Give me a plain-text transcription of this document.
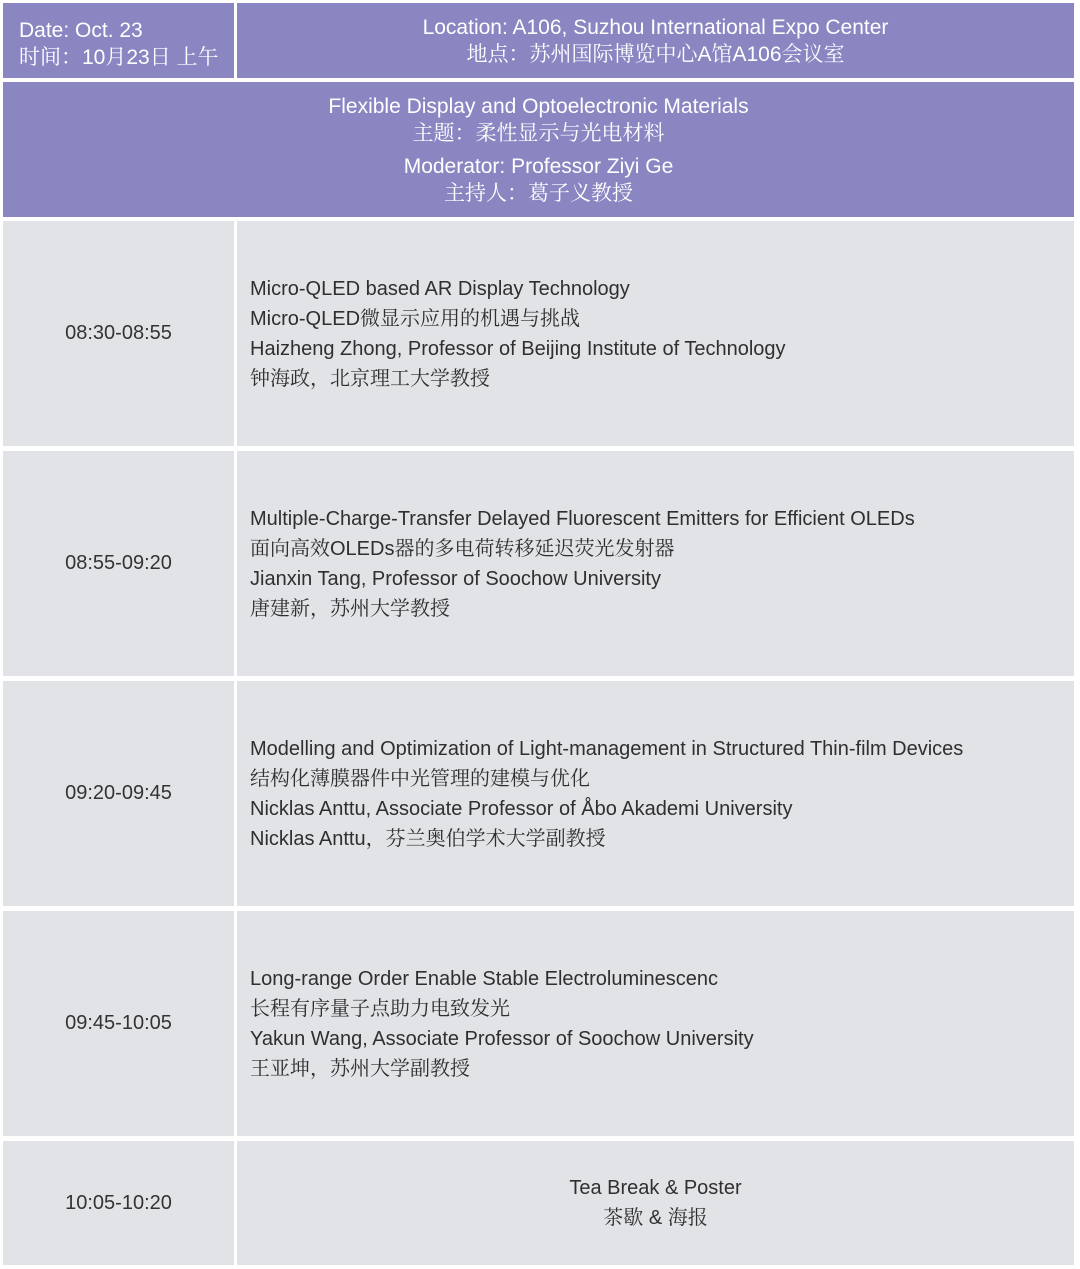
Date: Oct. 23
时间：10月23日 上午
Location: A106, Suzhou International Expo Center
地点：苏州国际博览中心A馆A106会议室
Flexible Display and Optoelectronic Materials
主题：柔性显示与光电材料
Moderator: Professor Ziyi Ge
主持人：葛子义教授
08:30-08:55
Micro-QLED based AR Display Technology
Micro-QLED微显示应用的机遇与挑战
Haizheng Zhong, Professor of Beijing Institute of Technology
钟海政，北京理工大学教授
08:55-09:20
Multiple-Charge-Transfer Delayed Fluorescent Emitters for Efficient OLEDs
面向高效OLEDs器的多电荷转移延迟荧光发射器
Jianxin Tang, Professor of Soochow University
唐建新，苏州大学教授
09:20-09:45
Modelling and Optimization of Light-management in Structured Thin-film Devices
结构化薄膜器件中光管理的建模与优化
Nicklas Anttu, Associate Professor of Åbo Akademi University
Nicklas Anttu，芬兰奥伯学术大学副教授
09:45-10:05
Long-range Order Enable Stable Electroluminescenc
长程有序量子点助力电致发光
Yakun Wang, Associate Professor of Soochow University
王亚坤，苏州大学副教授
10:05-10:20
Tea Break & Poster
茶歇 & 海报
